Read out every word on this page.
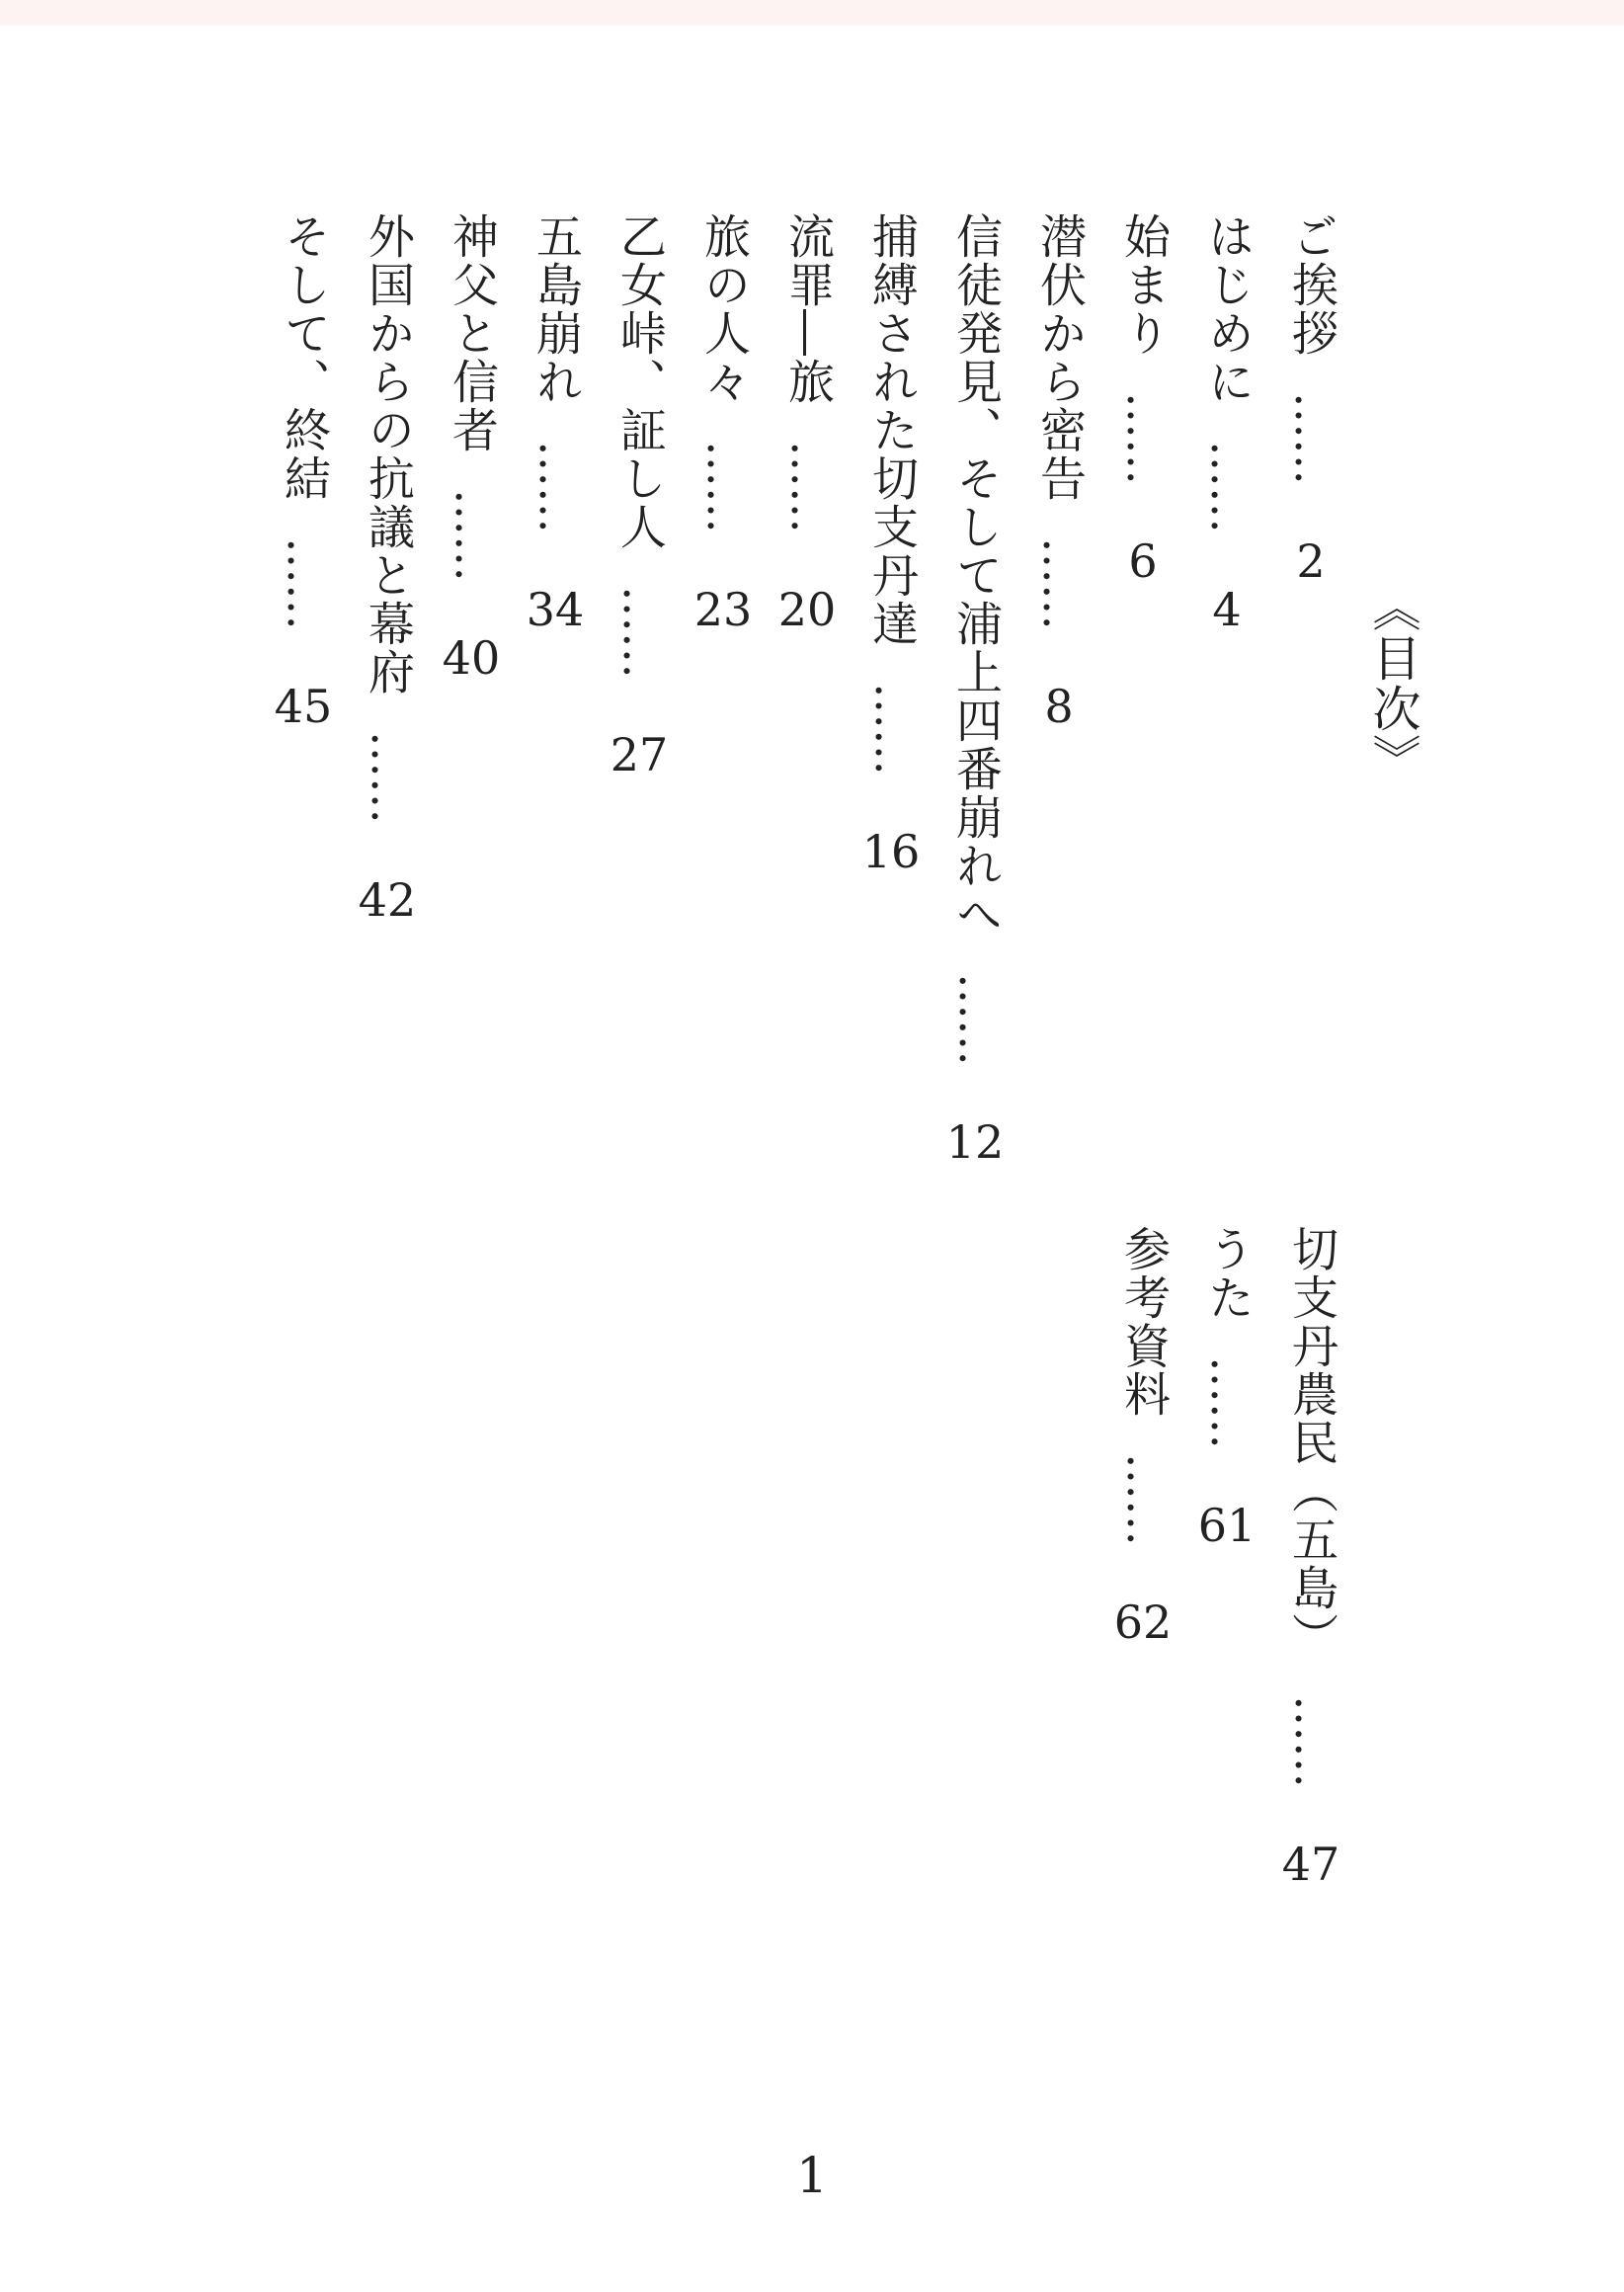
《目次》
ご挨拶 …… 2
はじめに …… 4
始まり …… 6
潜伏から密告 …… 8
信徒発見、そして浦上四番崩れへ …… 12
捕縛された切支丹達 …… 16
流罪―旅 …… 20
旅の人々 …… 23
乙女峠、証し人 …… 27
五島崩れ …… 34
神父と信者 …… 40
外国からの抗議と幕府 …… 42
そして、終結 …… 45
切支丹農民（五島） …… 47
うた …… 61
参考資料 …… 62
1
